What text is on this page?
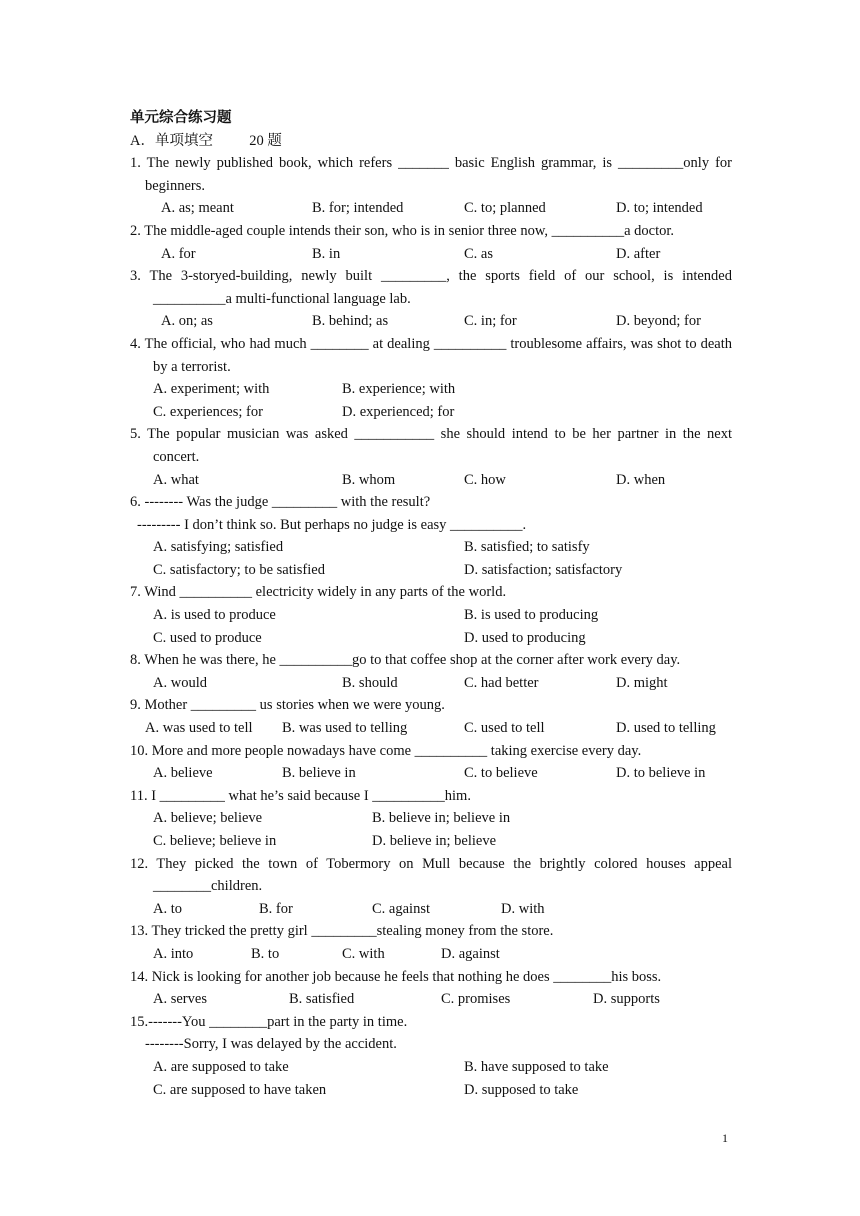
单元综合练习题
A．单项填空          20 题
1. The newly published book, which refers _______ basic English grammar, is _________only for beginners.
A. as; meant	B. for; intended	C. to; planned	D. to; intended
2. The middle-aged couple intends their son, who is in senior three now, __________a doctor.
A. for	B. in	C. as	D. after
3. The 3-storyed-building, newly built _________, the sports field of our school, is intended __________a multi-functional language lab.
A. on; as	B. behind; as	C. in; for	D. beyond; for
4. The official, who had much ________ at dealing __________ troublesome affairs, was shot to death by a terrorist.
A. experiment; with	B. experience; with
C. experiences; for	D. experienced; for
5. The popular musician was asked ___________ she should intend to be her partner in the next concert.
A. what	B. whom	C. how	D. when
6. -------- Was the judge _________ with the result?
--------- I don’t think so. But perhaps no judge is easy __________.
A. satisfying; satisfied	B. satisfied; to satisfy
C. satisfactory; to be satisfied	D. satisfaction; satisfactory
7. Wind __________ electricity widely in any parts of the world.
A. is used to produce	B. is used to producing
C. used to produce	D. used to producing
8. When he was there, he __________go to that coffee shop at the corner after work every day.
A. would	B. should	C. had better	D. might
9. Mother _________ us stories when we were young.
A. was used to tell B. was used to telling	C. used to tell	D. used to telling
10. More and more people nowadays have come __________ taking exercise every day.
A. believe	B. believe in	C. to believe	D. to believe in
11. I _________ what he’s said because I __________him.
A. believe; believe	B. believe in; believe in
C. believe; believe in	D. believe in; believe
12. They picked the town of Tobermory on Mull because the brightly colored houses appeal ________children.
A. to	B. for	C. against	D. with
13. They tricked the pretty girl _________stealing money from the store.
A. into	B. to	C. with	D. against
14. Nick is looking for another job because he feels that nothing he does ________his boss.
A. serves	B. satisfied	C. promises	D. supports
15.-------You ________part in the party in time.
--------Sorry, I was delayed by the accident.
A. are supposed to take	B. have supposed to take
C. are supposed to have taken	D. supposed to take
1
